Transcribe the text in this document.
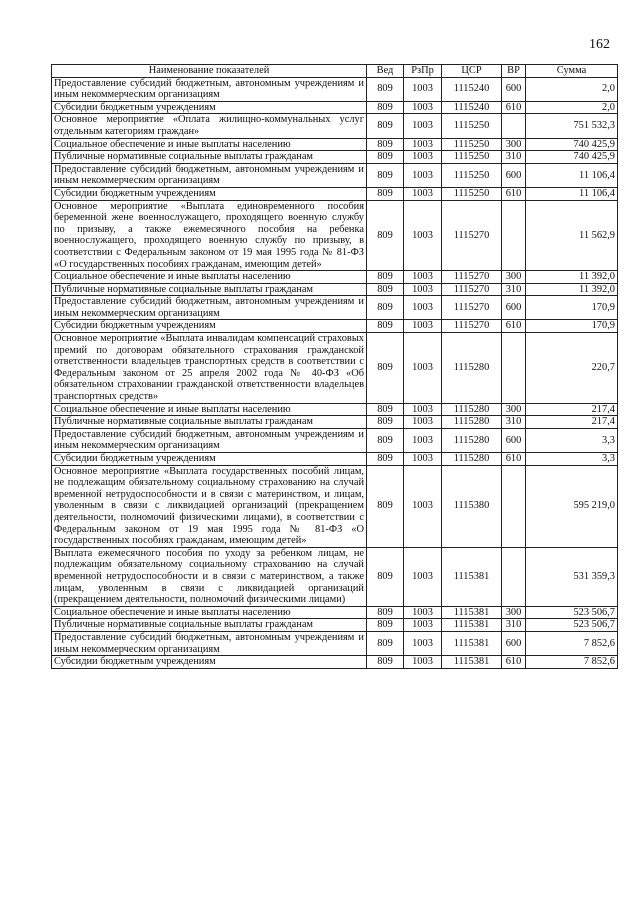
162
Наименование показателей	Вед	РзПр	ЦСР	ВР	Сумма
Предоставление субсидий бюджетным, автономным учреждениям и иным некоммерческим организациям	809	1003	1115240	600	2,0
Субсидии бюджетным учреждениям	809	1003	1115240	610	2,0
Основное мероприятие «Оплата жилищно-коммунальных услуг отдельным категориям граждан»	809	1003	1115250		751 532,3
Социальное обеспечение и иные выплаты населению	809	1003	1115250	300	740 425,9
Публичные нормативные социальные выплаты гражданам	809	1003	1115250	310	740 425,9
Предоставление субсидий бюджетным, автономным учреждениям и иным некоммерческим организациям	809	1003	1115250	600	11 106,4
Субсидии бюджетным учреждениям	809	1003	1115250	610	11 106,4
Основное мероприятие «Выплата единовременного пособия беременной жене военнослужащего, проходящего военную службу по призыву, а также ежемесячного пособия на ребенка военнослужащего, проходящего военную службу по призыву, в соответствии с Федеральным законом от 19 мая 1995 года № 81-ФЗ «О государственных пособиях гражданам, имеющим детей»	809	1003	1115270		11 562,9
Социальное обеспечение и иные выплаты населению	809	1003	1115270	300	11 392,0
Публичные нормативные социальные выплаты гражданам	809	1003	1115270	310	11 392,0
Предоставление субсидий бюджетным, автономным учреждениям и иным некоммерческим организациям	809	1003	1115270	600	170,9
Субсидии бюджетным учреждениям	809	1003	1115270	610	170,9
Основное мероприятие «Выплата инвалидам компенсаций страховых премий по договорам обязательного страхования гражданской ответственности владельцев транспортных средств в соответствии с Федеральным законом от 25 апреля 2002 года № 40-ФЗ «Об обязательном страховании гражданской ответственности владельцев транспортных средств»	809	1003	1115280		220,7
Социальное обеспечение и иные выплаты населению	809	1003	1115280	300	217,4
Публичные нормативные социальные выплаты гражданам	809	1003	1115280	310	217,4
Предоставление субсидий бюджетным, автономным учреждениям и иным некоммерческим организациям	809	1003	1115280	600	3,3
Субсидии бюджетным учреждениям	809	1003	1115280	610	3,3
Основное мероприятие «Выплата государственных пособий лицам, не подлежащим обязательному социальному страхованию на случай временной нетрудоспособности и в связи с материнством, и лицам, уволенным в связи с ликвидацией организаций (прекращением деятельности, полномочий физическими лицами), в соответствии с Федеральным законом от 19 мая 1995 года № 81-ФЗ «О государственных пособиях гражданам, имеющим детей»	809	1003	1115380		595 219,0
Выплата ежемесячного пособия по уходу за ребенком лицам, не подлежащим обязательному социальному страхованию на случай временной нетрудоспособности и в связи с материнством, а также лицам, уволенным в связи с ликвидацией организаций (прекращением деятельности, полномочий физическими лицами)	809	1003	1115381		531 359,3
Социальное обеспечение и иные выплаты населению	809	1003	1115381	300	523 506,7
Публичные нормативные социальные выплаты гражданам	809	1003	1115381	310	523 506,7
Предоставление субсидий бюджетным, автономным учреждениям и иным некоммерческим организациям	809	1003	1115381	600	7 852,6
Субсидии бюджетным учреждениям	809	1003	1115381	610	7 852,6
